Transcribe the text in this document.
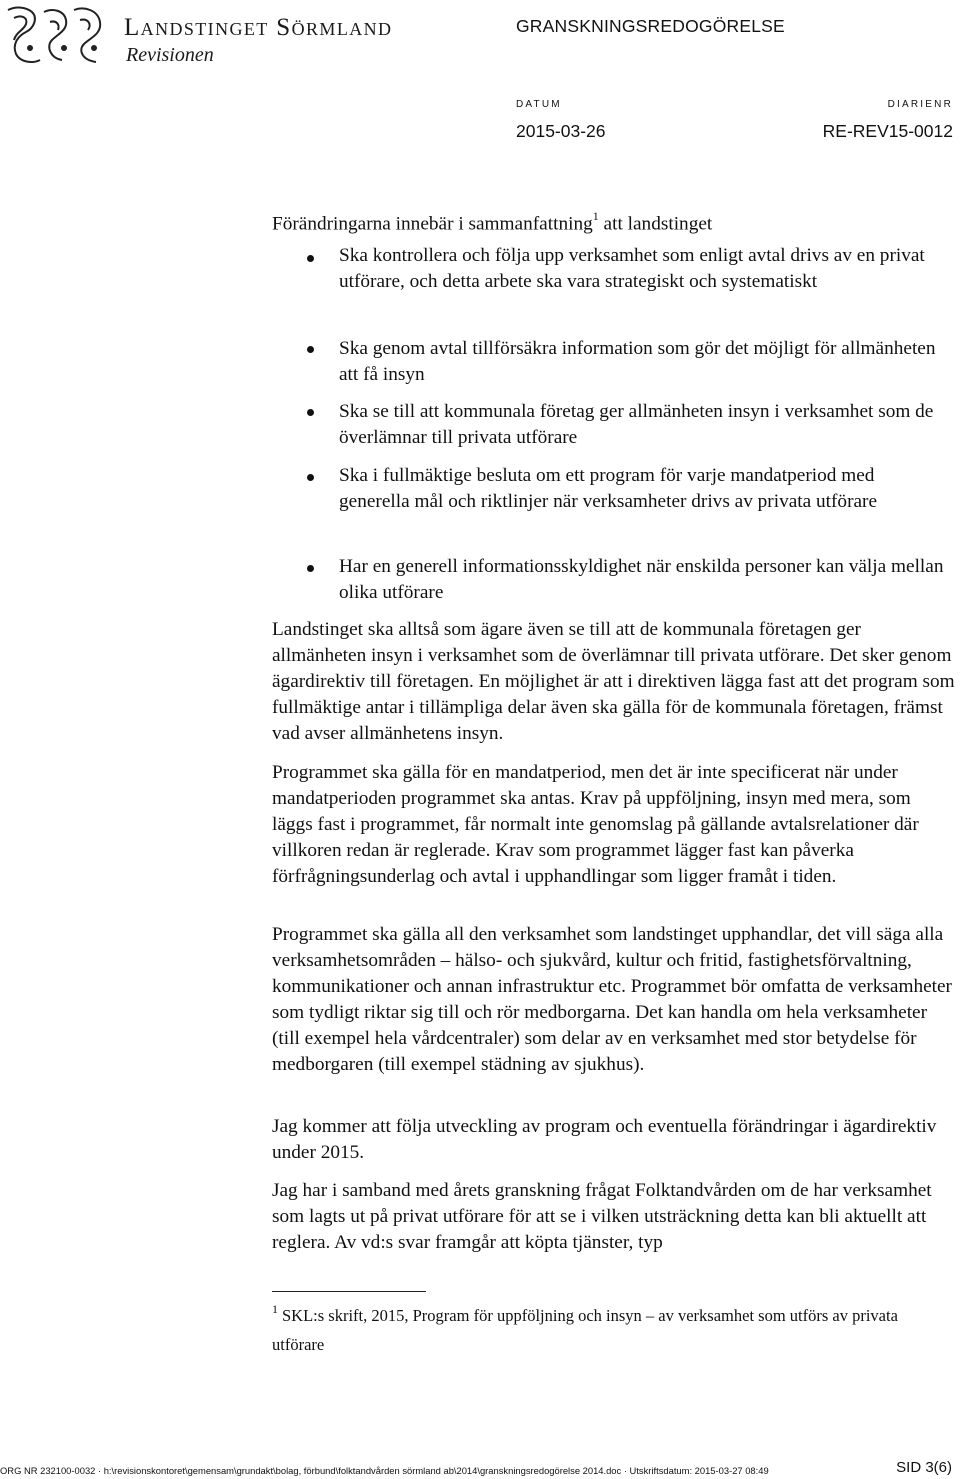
Landstinget Sörmland
Revisionen
GRANSKNINGSREDOGÖRELSE
DATUM
2015-03-26
DIARIENR
RE-REV15-0012
Förändringarna innebär i sammanfattning$^1$ att landstinget
Ska kontrollera och följa upp verksamhet som enligt avtal drivs av en privat utförare, och detta arbete ska vara strategiskt och systematiskt
Ska genom avtal tillförsäkra information som gör det möjligt för allmänheten att få insyn
Ska se till att kommunala företag ger allmänheten insyn i verksamhet som de överlämnar till privata utförare
Ska i fullmäktige besluta om ett program för varje mandatperiod med generella mål och riktlinjer när verksamheter drivs av privata utförare
Har en generell informationsskyldighet när enskilda personer kan välja mellan olika utförare
Landstinget ska alltså som ägare även se till att de kommunala företagen ger allmänheten insyn i verksamhet som de överlämnar till privata utförare. Det sker genom ägardirektiv till företagen. En möjlighet är att i direktiven lägga fast att det program som fullmäktige antar i tillämpliga delar även ska gälla för de kommunala företagen, främst vad avser allmänhetens insyn.
Programmet ska gälla för en mandatperiod, men det är inte specificerat när under mandatperioden programmet ska antas. Krav på uppföljning, insyn med mera, som läggs fast i programmet, får normalt inte genomslag på gällande avtalsrelationer där villkoren redan är reglerade. Krav som programmet lägger fast kan påverka förfrågningsunderlag och avtal i upphandlingar som ligger framåt i tiden.
Programmet ska gälla all den verksamhet som landstinget upphandlar, det vill säga alla verksamhetsområden – hälso- och sjukvård, kultur och fritid, fastighetsförvaltning, kommunikationer och annan infrastruktur etc. Programmet bör omfatta de verksamheter som tydligt riktar sig till och rör medborgarna. Det kan handla om hela verksamheter (till exempel hela vårdcentraler) som delar av en verksamhet med stor betydelse för medborgaren (till exempel städning av sjukhus).
Jag kommer att följa utveckling av program och eventuella förändringar i ägardirektiv under 2015.
Jag har i samband med årets granskning frågat Folktandvården om de har verksamhet som lagts ut på privat utförare för att se i vilken utsträckning detta kan bli aktuellt att reglera. Av vd:s svar framgår att köpta tjänster, typ
$^1$ SKL:s skrift, 2015, Program för uppföljning och insyn – av verksamhet som utförs av privata utförare
ORG NR 232100-0032 · h:\revisionskontoret\gemensam\grundakt\bolag, förbund\folktandvården sörmland ab\2014\granskningsredogörelse 2014.doc · Utskriftsdatum: 2015-03-27 08:49	SID 3(6)
